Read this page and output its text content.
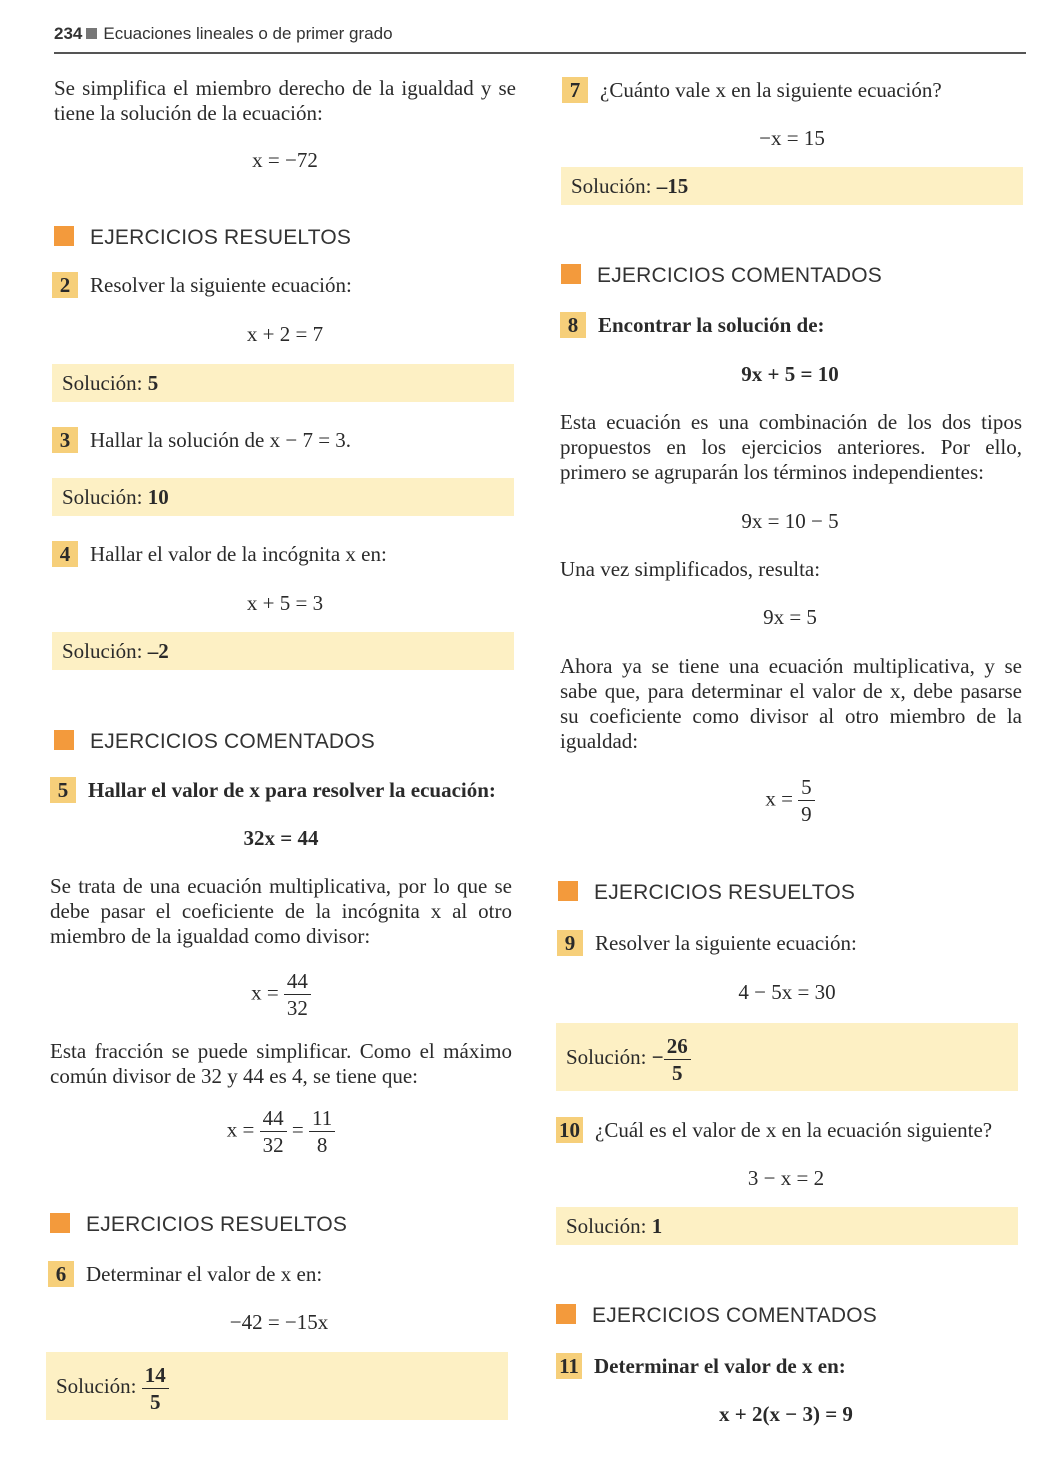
234 Ecuaciones lineales o de primer grado

Se simplifica el miembro derecho de la igualdad y se tiene la solución de la ecuación:

x = −72
EJERCICIOS RESUELTOS
2 Resolver la siguiente ecuación:
x + 2 = 7
Solución: 5
3 Hallar la solución de x − 7 = 3.
Solución: 10
4 Hallar el valor de la incógnita x en:
x + 5 = 3
Solución: –2
EJERCICIOS COMENTADOS
5 Hallar el valor de x para resolver la ecuación:
32x = 44

Se trata de una ecuación multiplicativa, por lo que se debe pasar el coeficiente de la incógnita x al otro miembro de la igualdad como divisor:

$x = \frac{44}{32}$

Esta fracción se puede simplificar. Como el máximo común divisor de 32 y 44 es 4, se tiene que:

$x = \frac{44}{32} = \frac{11}{8}$
EJERCICIOS RESUELTOS
6 Determinar el valor de x en:
−42 = −15x
Solución: $\frac{14}{5}$
7 ¿Cuánto vale x en la siguiente ecuación?
−x = 15
Solución: –15
EJERCICIOS COMENTADOS
8 Encontrar la solución de:
9x + 5 = 10

Esta ecuación es una combinación de los dos tipos propuestos en los ejercicios anteriores. Por ello, primero se agruparán los términos independientes:

9x = 10 − 5

Una vez simplificados, resulta:

9x = 5

Ahora ya se tiene una ecuación multiplicativa, y se sabe que, para determinar el valor de x, debe pasarse su coeficiente como divisor al otro miembro de la igualdad:

$x = \frac{5}{9}$
EJERCICIOS RESUELTOS
9 Resolver la siguiente ecuación:
4 − 5x = 30
Solución: − $\frac{26}{5}$
10 ¿Cuál es el valor de x en la ecuación siguiente?
3 − x = 2
Solución: 1
EJERCICIOS COMENTADOS
11 Determinar el valor de x en:
x + 2(x − 3) = 9
